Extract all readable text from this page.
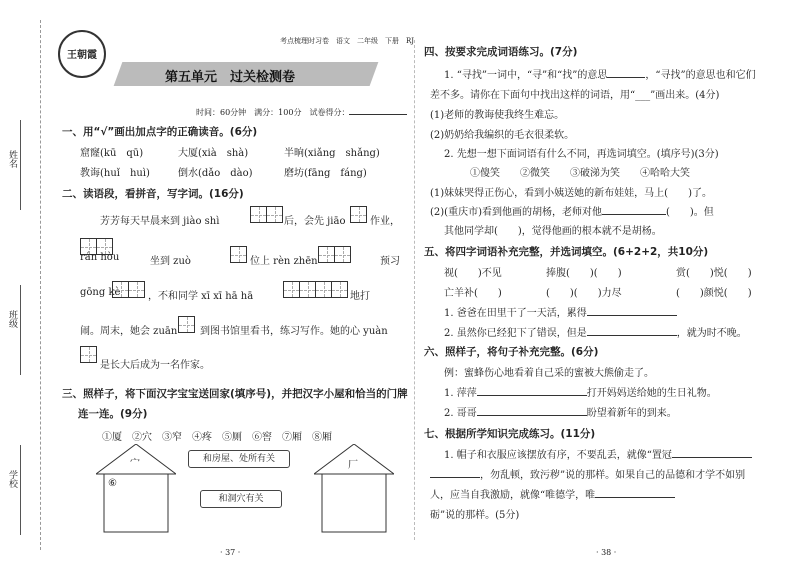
姓名
班级
学校
王朝霞
考点梳理时习卷　语文　二年级　下册　RJ
第五单元　过关检测卷
时间：60分钟　满分：100分　试卷得分：
一、用“√”画出加点字的正确读音。(6分)
窟窿(kū　qū)	大厦(xià　shà)	半晌(xiǎng　shǎng)
教诲(huǐ　huì)	倒水(dǎo　dào)	磨坊(fāng　fáng)
二、读语段，看拼音，写字词。(16分)
芳芳每天早晨来到 jiào shì	后，会先 jiāo 作业，
rán hòu	坐到 zuò	位上 rèn zhēn	预习
gōng kè	，不和同学 xī xī hā hā	地打
闹。周末，她会 zuān 到图书馆里看书，练习写作。她的心 yuàn
是长大后成为一名作家。
三、照样子，将下面汉字宝宝送回家(填序号)，并把汉字小屋和恰当的门牌
连一连。(9分)
①厦　②穴　③窄　④疼　⑤厕　⑥窖　⑦厢　⑧厢
宀
⑥
厂
和房屋、处所有关
和洞穴有关
· 37 ·
四、按要求完成词语练习。(7分)
1. “寻找”一词中，“寻”和“找”的意思	，“寻找”的意思也和它们
差不多。请你在下面句中找出这样的词语，用“___”画出来。(4分)
(1)老师的教诲使我终生难忘。
(2)奶奶给我编织的毛衣很柔软。
2. 先想一想下面词语有什么不同，再选词填空。(填序号)(3分)
①傻笑　　②微笑　　③破涕为笑　　④哈哈大笑
(1)妹妹哭得正伤心，看到小姨送她的新布娃娃，马上(　　)了。
(2)(重庆市)看到他画的胡杨，老师对他	(　　)。但
其他同学却(　　)，觉得他画的根本就不是胡杨。
五、将四字词语补充完整，并选词填空。(6+2+2，共10分)
视(　　)不见	捧腹(　　)(　　)	赏(　　)悦(　　)
亡羊补(　　)	(　　)(　　)力尽	(　　)颜悦(　　)
1. 爸爸在田里干了一天活，累得
2. 虽然你已经犯下了错误，但是	，就为时不晚。
六、照样子，将句子补充完整。(6分)
例：蜜蜂伤心地看着自己采的蜜被大熊偷走了。
1. 萍萍	打开妈妈送给她的生日礼物。
2. 哥哥	盼望着新年的到来。
七、根据所学知识完成练习。(11分)
1. 帽子和衣服应该摆放有序，不要乱丢，就像“置冠
，勿乱顿，致污秽”说的那样。如果自己的品德和才学不如别
人，应当自我激励，就像“唯德学，唯
砺”说的那样。(5分)
· 38 ·
